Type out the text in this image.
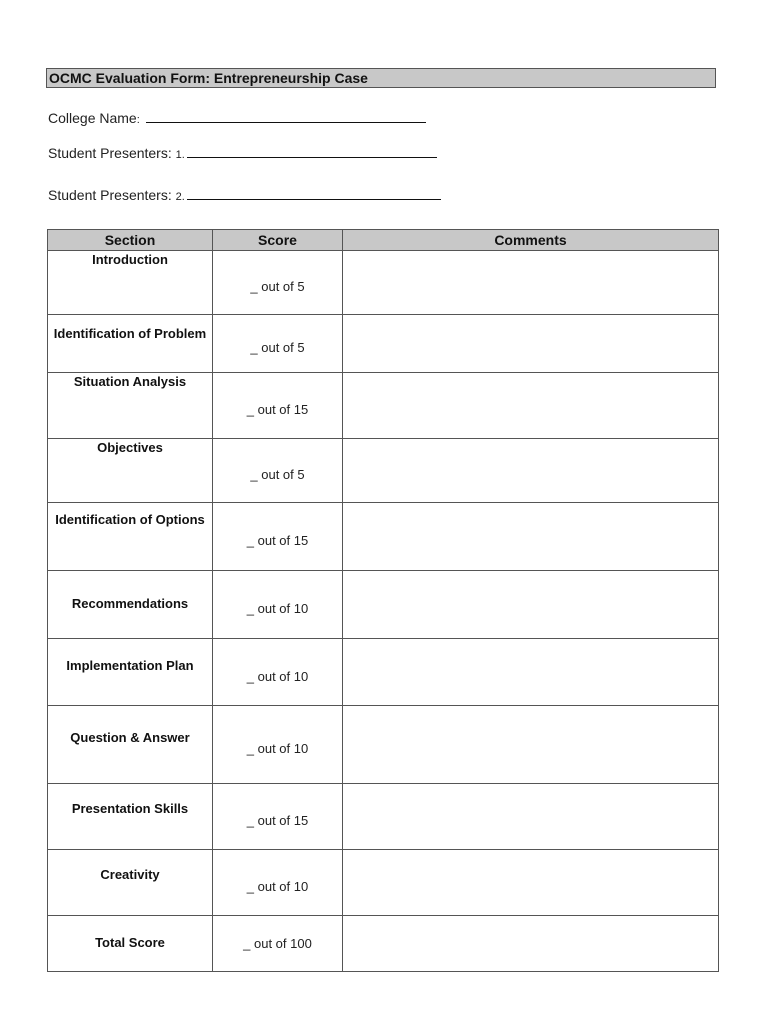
OCMC Evaluation Form: Entrepreneurship Case
College Name:
Student Presenters: 1.
Student Presenters: 2.
Section	Score	Comments
Introduction	_ out of 5	
Identification of Problem	_ out of 5	
Situation Analysis	_ out of 15	
Objectives	_ out of 5	
Identification of Options	_ out of 15	
Recommendations	_ out of 10	
Implementation Plan	_ out of 10	
Question & Answer	_ out of 10	
Presentation Skills	_ out of 15	
Creativity	_ out of 10	
Total Score	_ out of 100	
